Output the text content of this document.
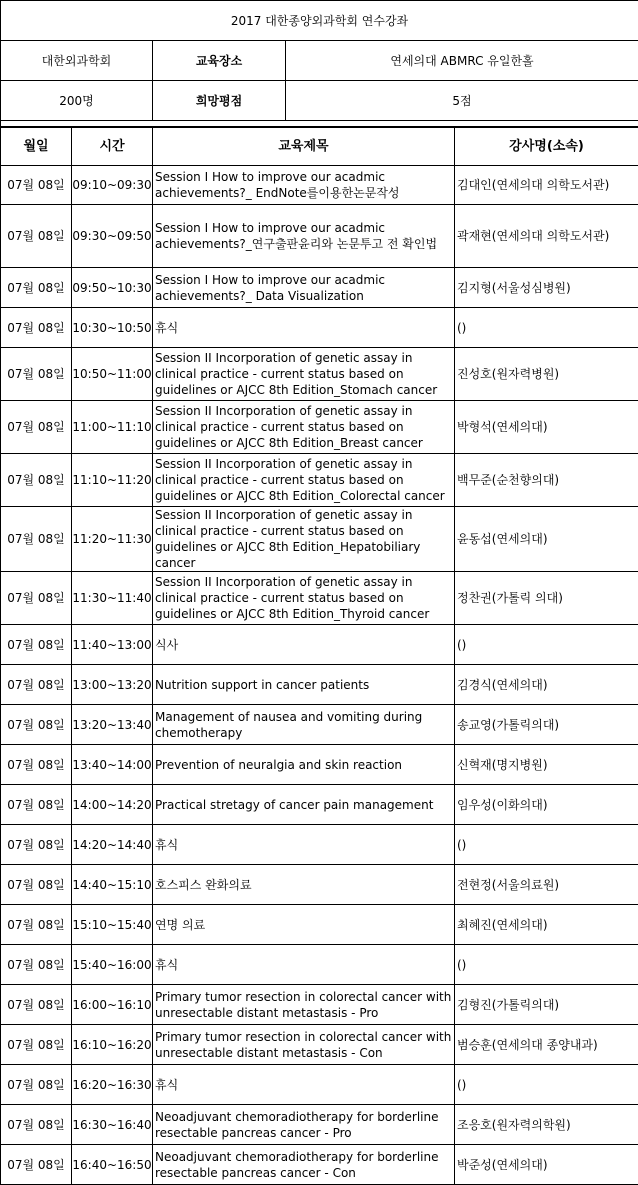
2017 대한종양외과학회 연수강좌		
대한외과학회	교육장소	연세의대 ABMRC 유일한홀
200명	희망평점	5점

월일	시간	교육제목	강사명(소속)
07월 08일	09:10~09:30	Session I How to improve our acadmic achievements?_ EndNote를이용한논문작성	김대인(연세의대 의학도서관)
07월 08일	09:30~09:50	Session I How to improve our acadmic achievements?_연구출판윤리와 논문투고 전 확인법	곽재현(연세의대 의학도서관)
07월 08일	09:50~10:30	Session I How to improve our acadmic achievements?_ Data Visualization	김지형(서울성심병원)
07월 08일	10:30~10:50	휴식	()
07월 08일	10:50~11:00	Session II Incorporation of genetic assay in clinical practice - current status based on guidelines or AJCC 8th Edition_Stomach cancer	진성호(원자력병원)
07월 08일	11:00~11:10	Session II Incorporation of genetic assay in clinical practice - current status based on guidelines or AJCC 8th Edition_Breast cancer	박형석(연세의대)
07월 08일	11:10~11:20	Session II Incorporation of genetic assay in clinical practice - current status based on guidelines or AJCC 8th Edition_Colorectal cancer	백무준(순천향의대)
07월 08일	11:20~11:30	Session II Incorporation of genetic assay in clinical practice - current status based on guidelines or AJCC 8th Edition_Hepatobiliary cancer	윤동섭(연세의대)
07월 08일	11:30~11:40	Session II Incorporation of genetic assay in clinical practice - current status based on guidelines or AJCC 8th Edition_Thyroid cancer	정찬권(가톨릭 의대)
07월 08일	11:40~13:00	식사	()
07월 08일	13:00~13:20	Nutrition support in cancer patients	김경식(연세의대)
07월 08일	13:20~13:40	Management of nausea and vomiting during chemotherapy	송교영(가톨릭의대)
07월 08일	13:40~14:00	Prevention of neuralgia and skin reaction	신혁재(명지병원)
07월 08일	14:00~14:20	Practical stretagy of cancer pain management	임우성(이화의대)
07월 08일	14:20~14:40	휴식	()
07월 08일	14:40~15:10	호스피스 완화의료	전현정(서울의료원)
07월 08일	15:10~15:40	연명 의료	최혜진(연세의대)
07월 08일	15:40~16:00	휴식	()
07월 08일	16:00~16:10	Primary tumor resection in colorectal cancer with unresectable distant metastasis - Pro	김형진(가톨릭의대)
07월 08일	16:10~16:20	Primary tumor resection in colorectal cancer with unresectable distant metastasis - Con	범승훈(연세의대 종양내과)
07월 08일	16:20~16:30	휴식	()
07월 08일	16:30~16:40	Neoadjuvant chemoradiotherapy for borderline resectable pancreas cancer - Pro	조응호(원자력의학원)
07월 08일	16:40~16:50	Neoadjuvant chemoradiotherapy for borderline resectable pancreas cancer - Con	박준성(연세의대)
